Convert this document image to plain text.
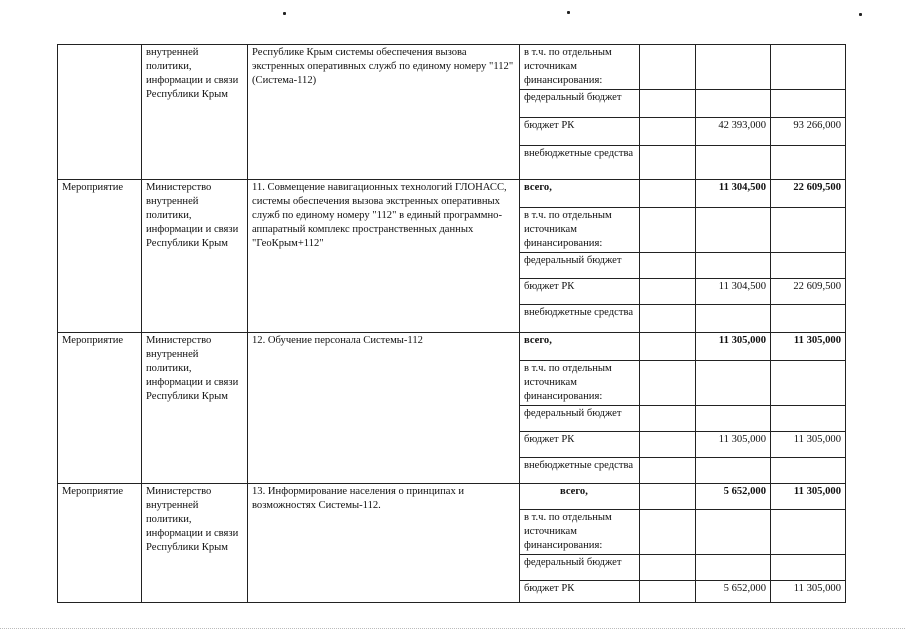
	внутренней политики, информации и связи Республики Крым	Республике Крым системы обеспечения вызова экстренных оперативных служб по единому номеру "112" (Система-112)	в т.ч. по отдельным источникам финансирования:			
			федеральный бюджет			
			бюджет РК		42 393,000	93 266,000
			внебюджетные средства			
Мероприятие	Министерство внутренней политики, информации и связи Республики Крым	11. Совмещение навигационных технологий ГЛОНАСС, системы обеспечения вызова экстренных оперативных служб по единому номеру "112" в единый программно-аппаратный комплекс пространственных данных "ГеоКрым+112"	всего,		11 304,500	22 609,500
			в т.ч. по отдельным источникам финансирования:			
			федеральный бюджет			
			бюджет РК		11 304,500	22 609,500
			внебюджетные средства			
Мероприятие	Министерство внутренней политики, информации и связи Республики Крым	12. Обучение персонала Системы-112	всего,		11 305,000	11 305,000
			в т.ч. по отдельным источникам финансирования:			
			федеральный бюджет			
			бюджет РК		11 305,000	11 305,000
			внебюджетные средства			
Мероприятие	Министерство внутренней политики, информации и связи Республики Крым	13. Информирование населения о принципах и возможностях Системы-112.	всего,		5 652,000	11 305,000
			в т.ч. по отдельным источникам финансирования:			
			федеральный бюджет			
			бюджет РК		5 652,000	11 305,000
